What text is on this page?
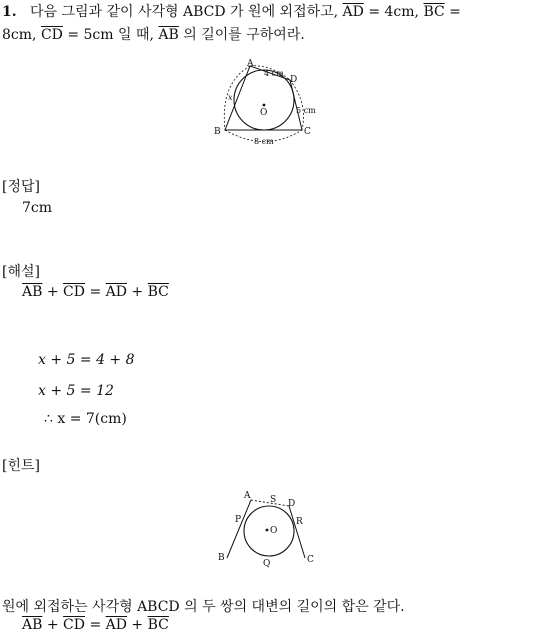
1. 다음 그림과 같이 사각형 ABCD 가 원에 외접하고, $\overline{AD} = 4cm$, $\overline{BC}$ =
8cm, $\overline{CD} = 5cm$ 일 때, $\overline{AB}$ 의 길이를 구하여라.
A
D
B	C
O
4 cm
5 cm
8 cm
x
[정답]
7cm
[해설]
$\overline{AB} + \overline{CD} = \overline{AD} + \overline{BC}$
x + 5 = 4 + 8
x + 5 = 12
∴ x = 7(cm)
[힌트]
A S D
P	R
O
B
Q	C
원에 외접하는 사각형 ABCD 의 두 쌍의 대변의 길이의 합은 같다.
$\overline{AB} + \overline{CD} = \overline{AD} + \overline{BC}$
